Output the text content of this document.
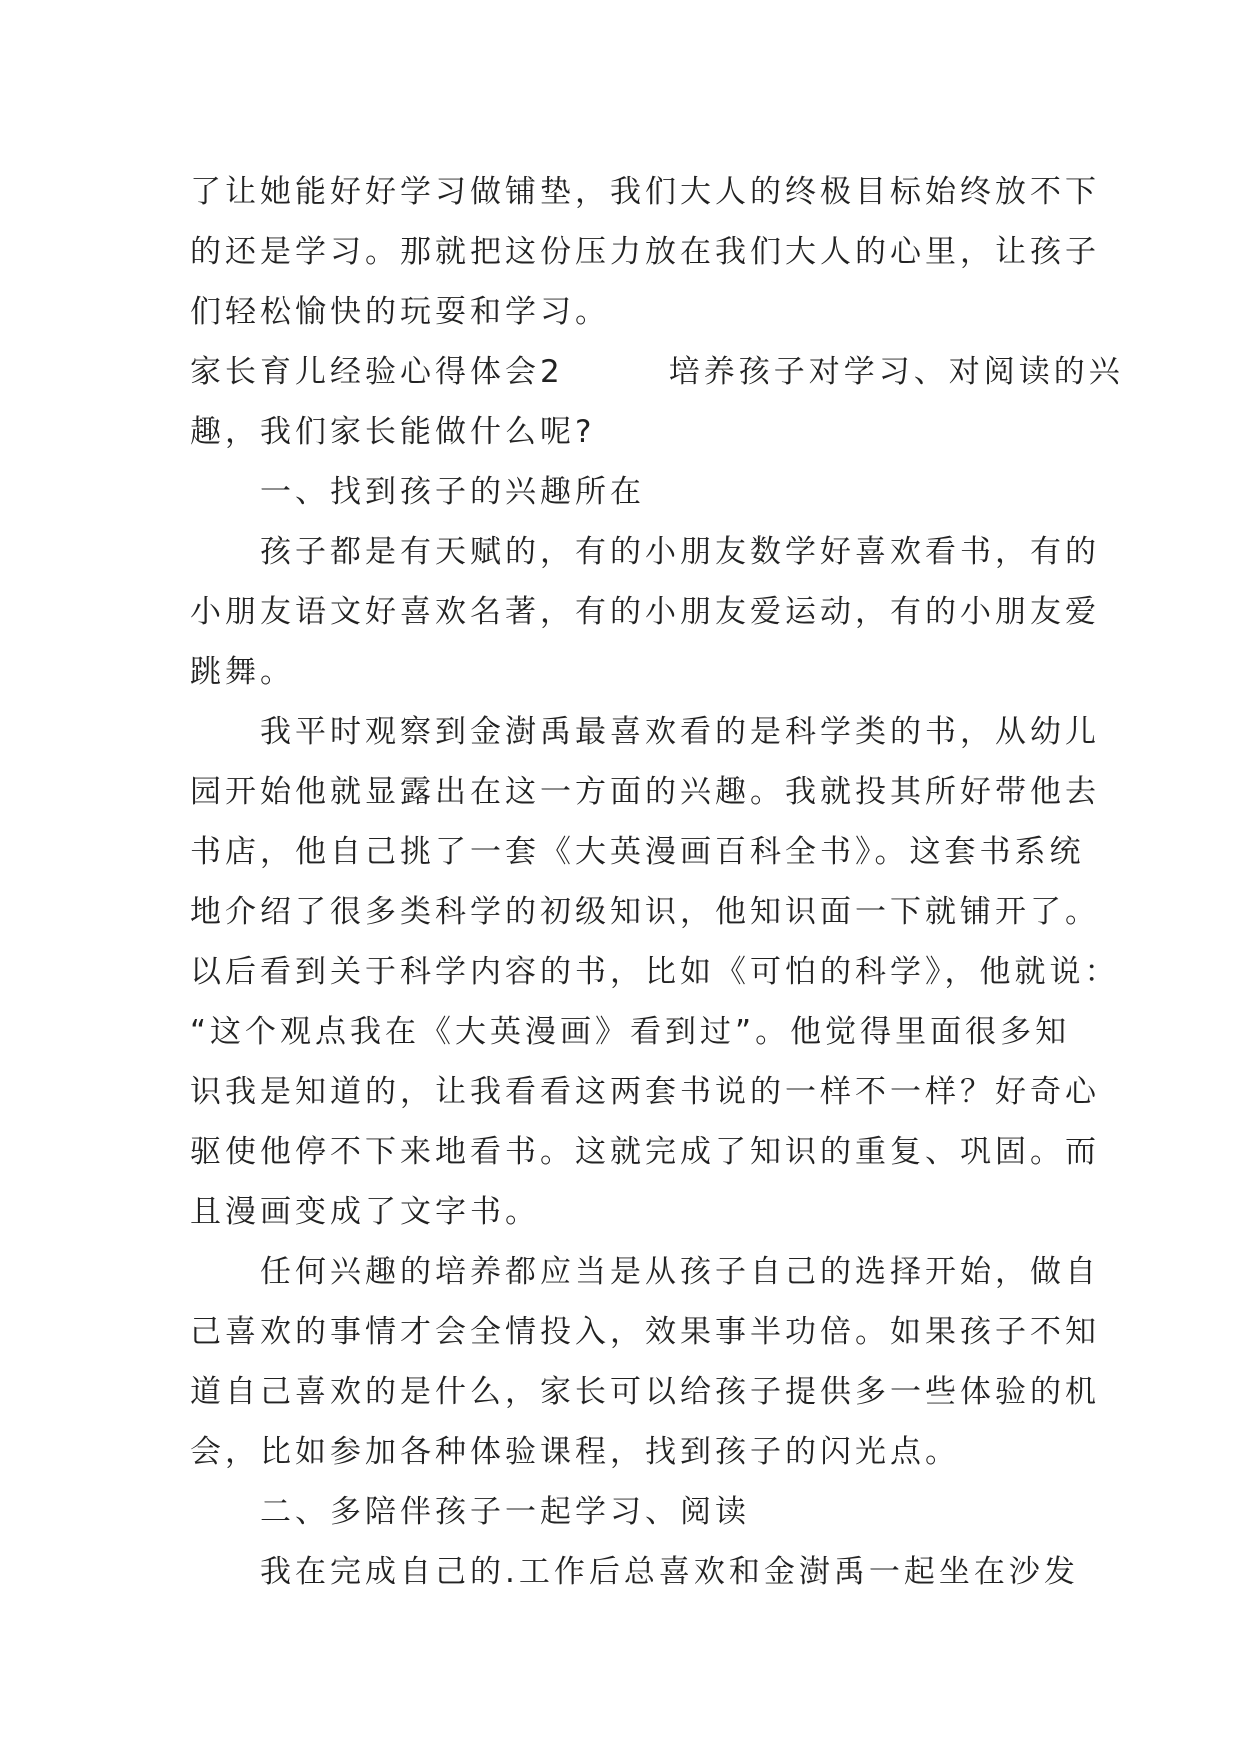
了让她能好好学习做铺垫，我们大人的终极目标始终放不下
的还是学习。那就把这份压力放在我们大人的心里，让孩子
们轻松愉快的玩耍和学习。
家长育儿经验心得体会2　　　培养孩子对学习、对阅读的兴
趣，我们家长能做什么呢?
　　一、找到孩子的兴趣所在
　　孩子都是有天赋的，有的小朋友数学好喜欢看书，有的
小朋友语文好喜欢名著，有的小朋友爱运动，有的小朋友爱
跳舞。
　　我平时观察到金澍禹最喜欢看的是科学类的书，从幼儿
园开始他就显露出在这一方面的兴趣。我就投其所好带他去
书店，他自己挑了一套《大英漫画百科全书》。这套书系统
地介绍了很多类科学的初级知识，他知识面一下就铺开了。
以后看到关于科学内容的书，比如《可怕的科学》，他就说：
“这个观点我在《大英漫画》看到过”。他觉得里面很多知
识我是知道的，让我看看这两套书说的一样不一样？好奇心
驱使他停不下来地看书。这就完成了知识的重复、巩固。而
且漫画变成了文字书。
　　任何兴趣的培养都应当是从孩子自己的选择开始，做自
己喜欢的事情才会全情投入，效果事半功倍。如果孩子不知
道自己喜欢的是什么，家长可以给孩子提供多一些体验的机
会，比如参加各种体验课程，找到孩子的闪光点。
　　二、多陪伴孩子一起学习、阅读
　　我在完成自己的.工作后总喜欢和金澍禹一起坐在沙发
